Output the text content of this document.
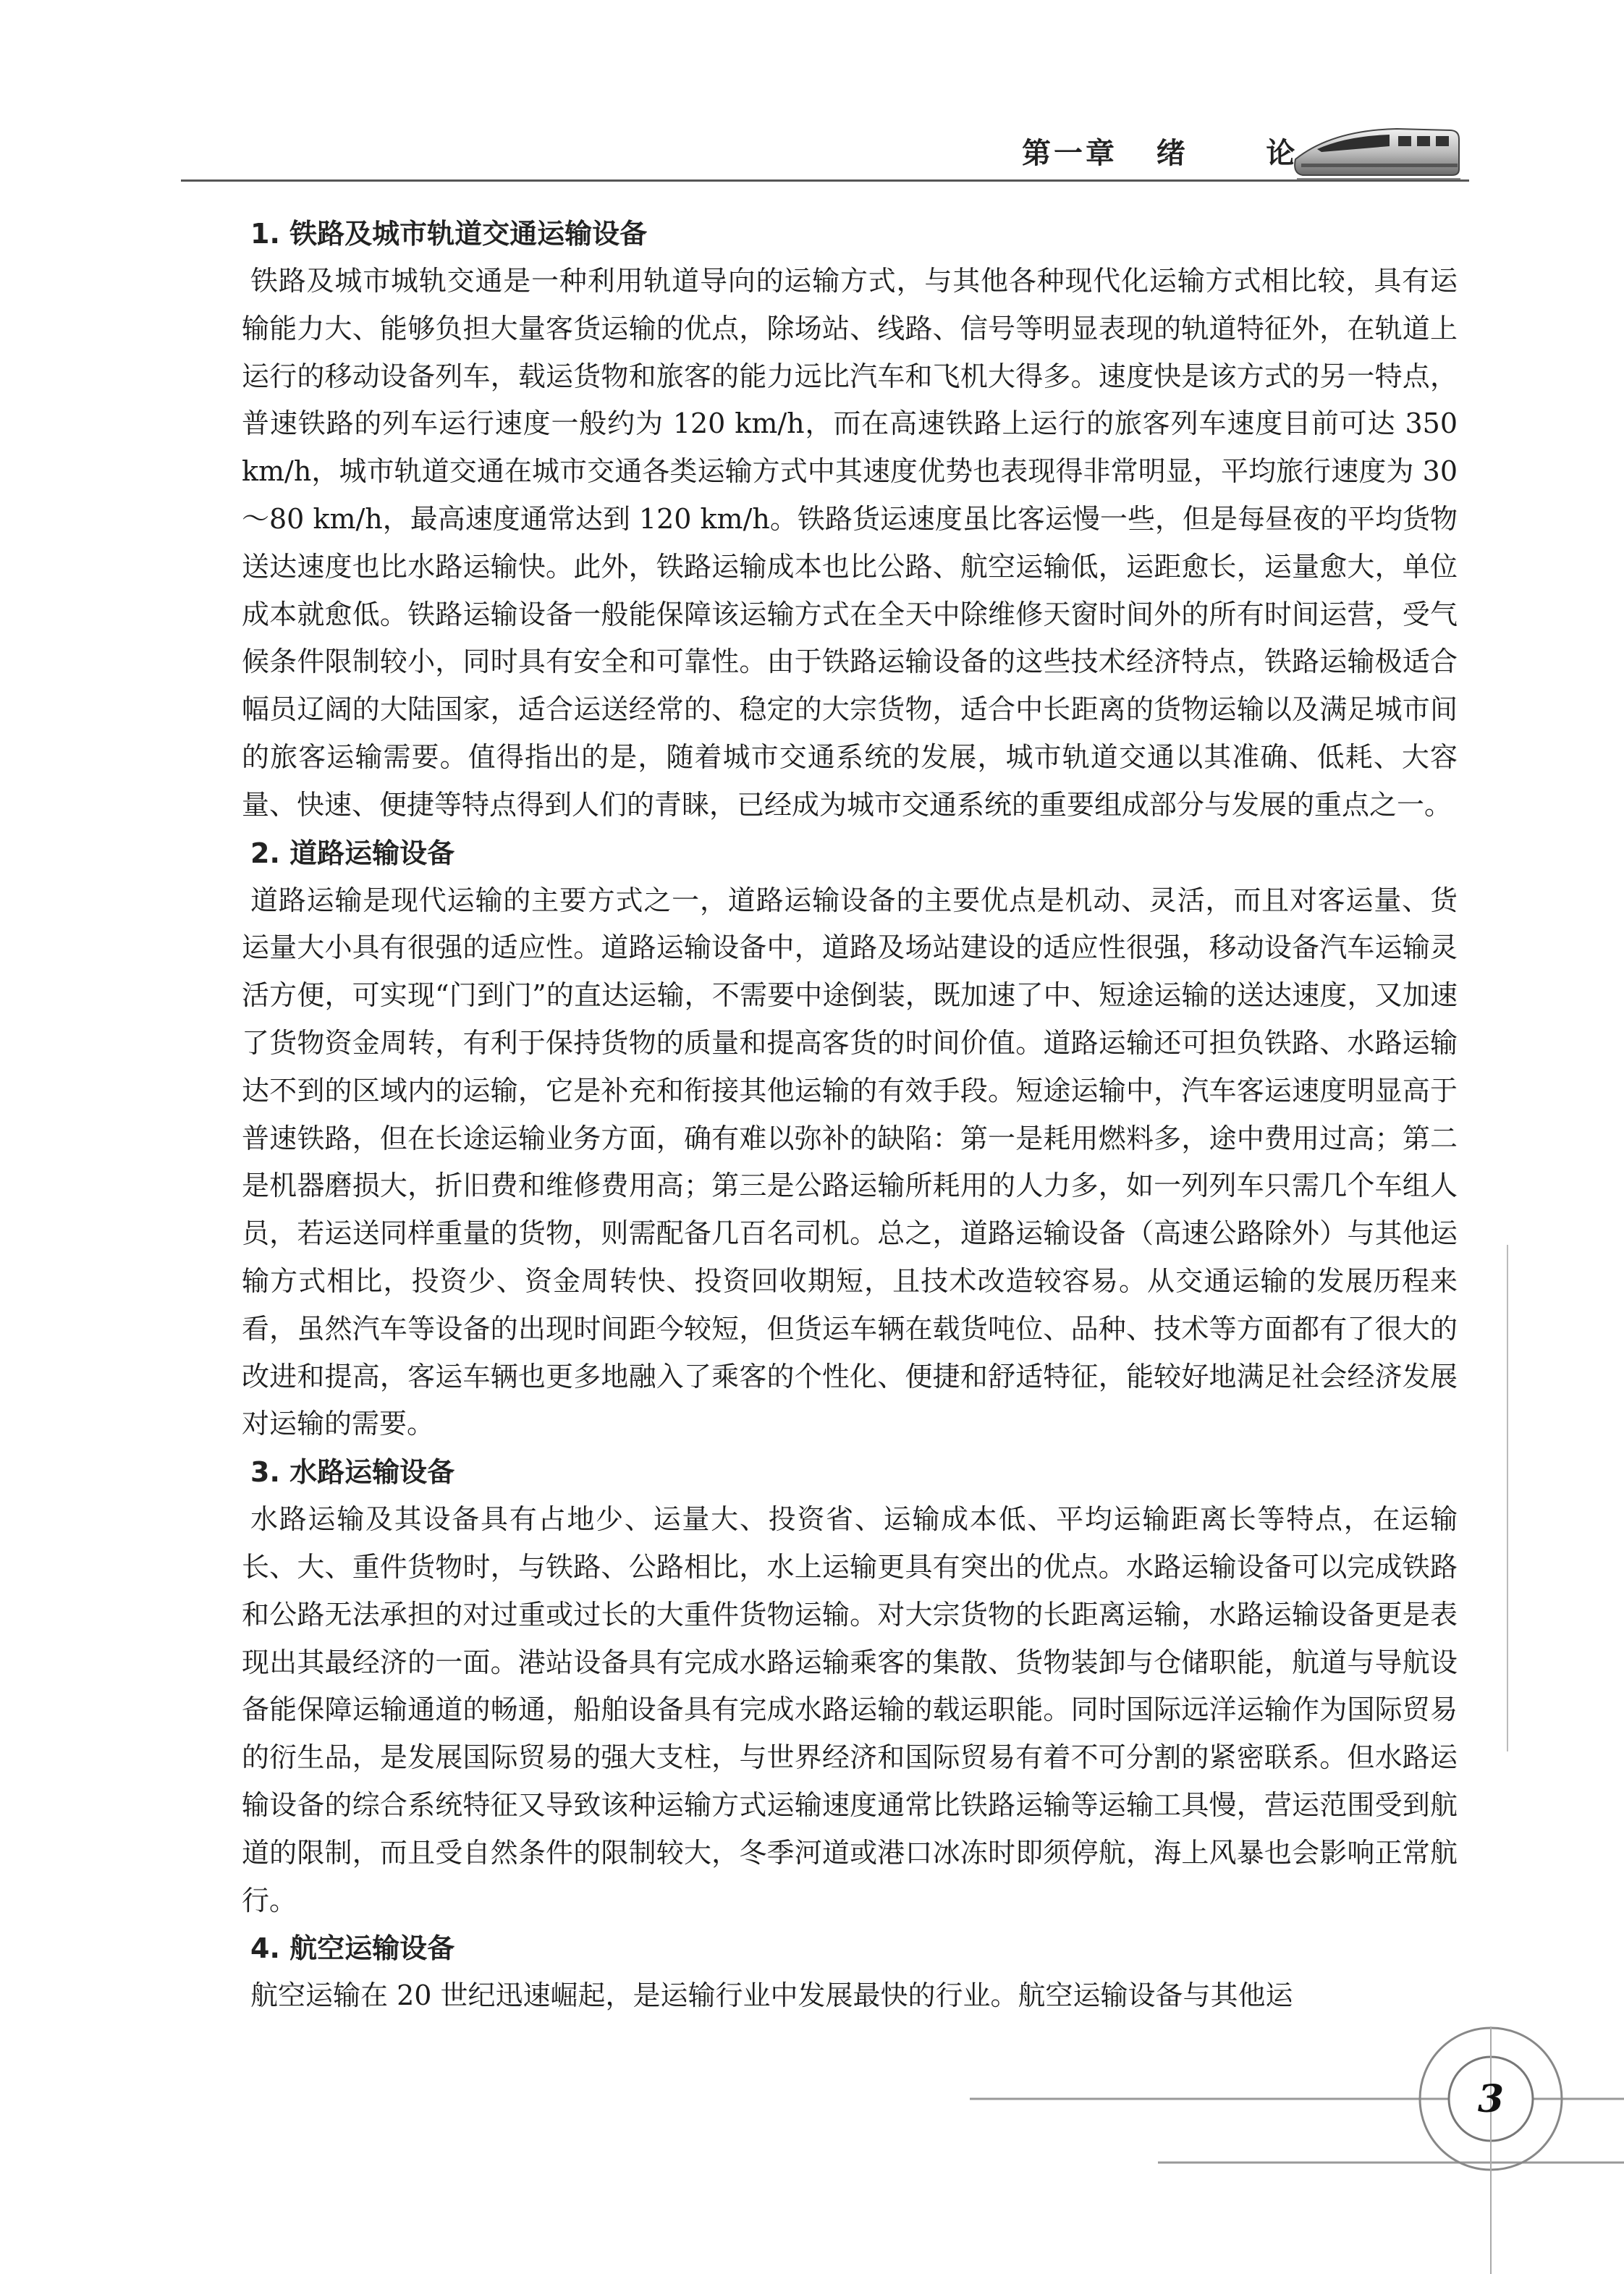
第一章   绪      论
1. 铁路及城市轨道交通运输设备

铁路及城市城轨交通是一种利用轨道导向的运输方式，与其他各种现代化运输方式相比较，具有运输能力大、能够负担大量客货运输的优点，除场站、线路、信号等明显表现的轨道特征外，在轨道上运行的移动设备列车，载运货物和旅客的能力远比汽车和飞机大得多。速度快是该方式的另一特点，普速铁路的列车运行速度一般约为 120 km/h，而在高速铁路上运行的旅客列车速度目前可达 350 km/h，城市轨道交通在城市交通各类运输方式中其速度优势也表现得非常明显，平均旅行速度为 30～80 km/h，最高速度通常达到 120 km/h。铁路货运速度虽比客运慢一些，但是每昼夜的平均货物送达速度也比水路运输快。此外，铁路运输成本也比公路、航空运输低，运距愈长，运量愈大，单位成本就愈低。铁路运输设备一般能保障该运输方式在全天中除维修天窗时间外的所有时间运营，受气候条件限制较小，同时具有安全和可靠性。由于铁路运输设备的这些技术经济特点，铁路运输极适合幅员辽阔的大陆国家，适合运送经常的、稳定的大宗货物，适合中长距离的货物运输以及满足城市间的旅客运输需要。值得指出的是，随着城市交通系统的发展，城市轨道交通以其准确、低耗、大容量、快速、便捷等特点得到人们的青睐，已经成为城市交通系统的重要组成部分与发展的重点之一。

2. 道路运输设备

道路运输是现代运输的主要方式之一，道路运输设备的主要优点是机动、灵活，而且对客运量、货运量大小具有很强的适应性。道路运输设备中，道路及场站建设的适应性很强，移动设备汽车运输灵活方便，可实现“门到门”的直达运输，不需要中途倒装，既加速了中、短途运输的送达速度，又加速了货物资金周转，有利于保持货物的质量和提高客货的时间价值。道路运输还可担负铁路、水路运输达不到的区域内的运输，它是补充和衔接其他运输的有效手段。短途运输中，汽车客运速度明显高于普速铁路，但在长途运输业务方面，确有难以弥补的缺陷：第一是耗用燃料多，途中费用过高；第二是机器磨损大，折旧费和维修费用高；第三是公路运输所耗用的人力多，如一列列车只需几个车组人员，若运送同样重量的货物，则需配备几百名司机。总之，道路运输设备（高速公路除外）与其他运输方式相比，投资少、资金周转快、投资回收期短，且技术改造较容易。从交通运输的发展历程来看，虽然汽车等设备的出现时间距今较短，但货运车辆在载货吨位、品种、技术等方面都有了很大的改进和提高，客运车辆也更多地融入了乘客的个性化、便捷和舒适特征，能较好地满足社会经济发展对运输的需要。

3. 水路运输设备

水路运输及其设备具有占地少、运量大、投资省、运输成本低、平均运输距离长等特点，在运输长、大、重件货物时，与铁路、公路相比，水上运输更具有突出的优点。水路运输设备可以完成铁路和公路无法承担的对过重或过长的大重件货物运输。对大宗货物的长距离运输，水路运输设备更是表现出其最经济的一面。港站设备具有完成水路运输乘客的集散、货物装卸与仓储职能，航道与导航设备能保障运输通道的畅通，船舶设备具有完成水路运输的载运职能。同时国际远洋运输作为国际贸易的衍生品，是发展国际贸易的强大支柱，与世界经济和国际贸易有着不可分割的紧密联系。但水路运输设备的综合系统特征又导致该种运输方式运输速度通常比铁路运输等运输工具慢，营运范围受到航道的限制，而且受自然条件的限制较大，冬季河道或港口冰冻时即须停航，海上风暴也会影响正常航行。

4. 航空运输设备

航空运输在 20 世纪迅速崛起，是运输行业中发展最快的行业。航空运输设备与其他运

3
